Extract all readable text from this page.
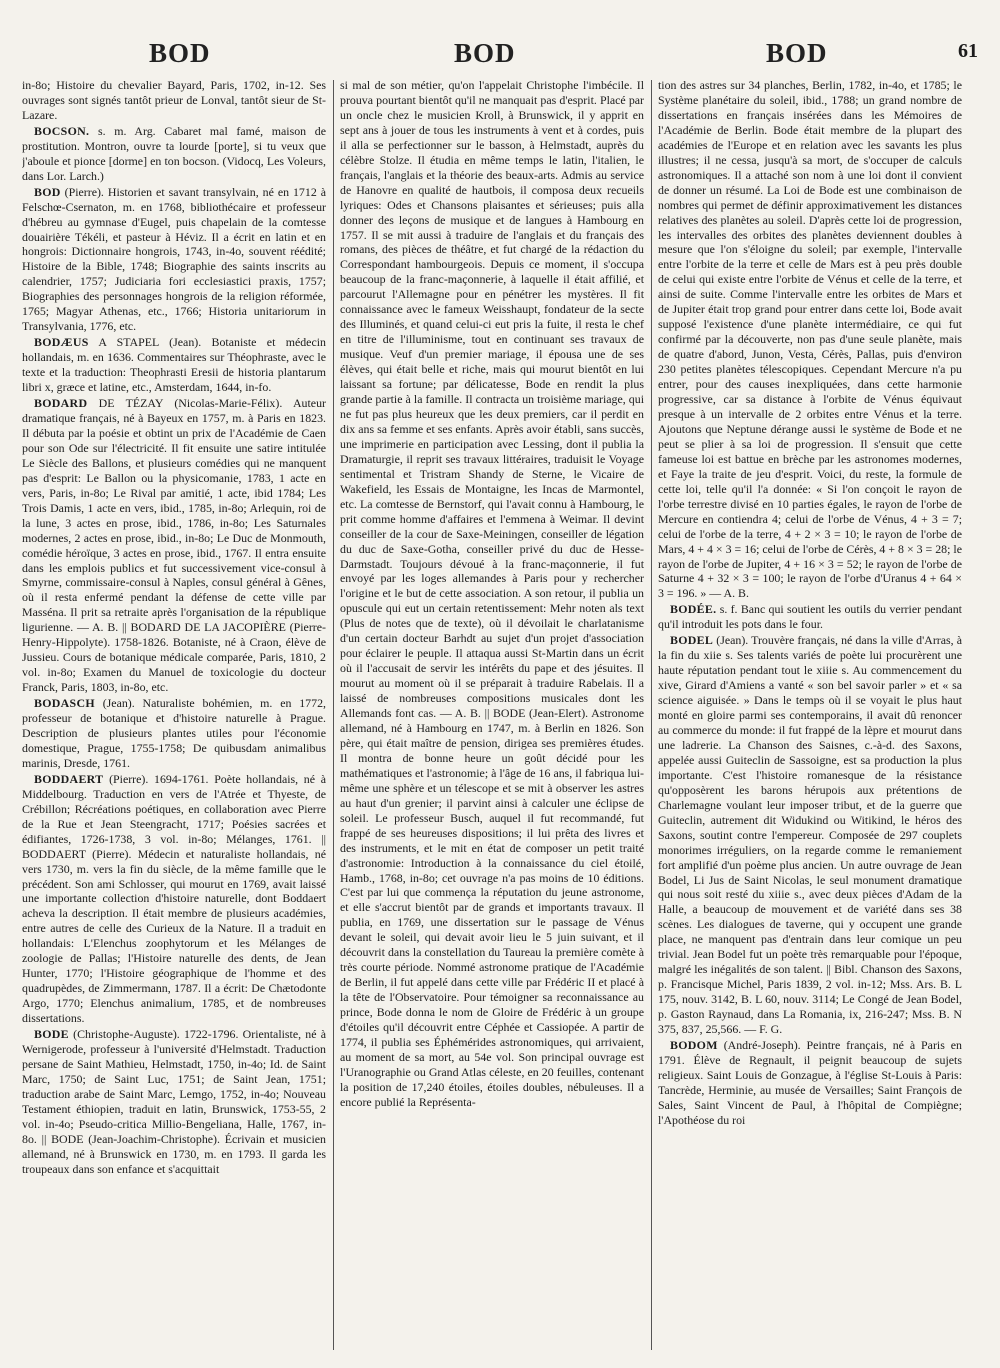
BOD	BOD	BOD	61

in-8o; Histoire du chevalier Bayard, Paris, 1702, in-12. Ses ouvrages sont signés tantôt prieur de Lonval, tantôt sieur de St-Lazare.

BOCSON. s. m. Arg. Cabaret mal famé, maison de prostitution. Montron, ouvre ta lourde [porte], si tu veux que j'aboule et pionce [dorme] en ton bocson. (Vidocq, Les Voleurs, dans Lor. Larch.)

BOD (Pierre). Historien et savant transylvain, né en 1712 à Felschœ-Csernaton, m. en 1768, bibliothécaire et professeur d'hébreu au gymnase d'Eugel, puis chapelain de la comtesse douairière Tékéli, et pasteur à Héviz. Il a écrit en latin et en hongrois: Dictionnaire hongrois, 1743, in-4o, souvent réédité; Histoire de la Bible, 1748; Biographie des saints inscrits au calendrier, 1757; Judiciaria fori ecclesiastici praxis, 1757; Biographies des personnages hongrois de la religion réformée, 1765; Magyar Athenas, etc., 1766; Historia unitariorum in Transylvania, 1776, etc.

BODÆUS A STAPEL (Jean). Botaniste et médecin hollandais, m. en 1636. Commentaires sur Théophraste, avec le texte et la traduction: Theophrasti Eresii de historia plantarum libri x, græce et latine, etc., Amsterdam, 1644, in-fo.

BODARD DE TÉZAY (Nicolas-Marie-Félix). Auteur dramatique français, né à Bayeux en 1757, m. à Paris en 1823. Il débuta par la poésie et obtint un prix de l'Académie de Caen pour son Ode sur l'électricité. Il fit ensuite une satire intitulée Le Siècle des Ballons, et plusieurs comédies qui ne manquent pas d'esprit: Le Ballon ou la physicomanie, 1783, 1 acte en vers, Paris, in-8o; Le Rival par amitié, 1 acte, ibid 1784; Les Trois Damis, 1 acte en vers, ibid., 1785, in-8o; Arlequin, roi de la lune, 3 actes en prose, ibid., 1786, in-8o; Les Saturnales modernes, 2 actes en prose, ibid., in-8o; Le Duc de Monmouth, comédie héroïque, 3 actes en prose, ibid., 1767. Il entra ensuite dans les emplois publics et fut successivement vice-consul à Smyrne, commissaire-consul à Naples, consul général à Gênes, où il resta enfermé pendant la défense de cette ville par Masséna. Il prit sa retraite après l'organisation de la république ligurienne. — A. B. || BODARD DE LA JACOPIÈRE (Pierre-Henry-Hippolyte). 1758-1826. Botaniste, né à Craon, élève de Jussieu. Cours de botanique médicale comparée, Paris, 1810, 2 vol. in-8o; Examen du Manuel de toxicologie du docteur Franck, Paris, 1803, in-8o, etc.

BODASCH (Jean). Naturaliste bohémien, m. en 1772, professeur de botanique et d'histoire naturelle à Prague. Description de plusieurs plantes utiles pour l'économie domestique, Prague, 1755-1758; De quibusdam animalibus marinis, Dresde, 1761.

BODDAERT (Pierre). 1694-1761. Poète hollandais, né à Middelbourg. Traduction en vers de l'Atrée et Thyeste, de Crébillon; Récréations poétiques, en collaboration avec Pierre de la Rue et Jean Steengracht, 1717; Poésies sacrées et édifiantes, 1726-1738, 3 vol. in-8o; Mélanges, 1761. || BODDAERT (Pierre). Médecin et naturaliste hollandais, né vers 1730, m. vers la fin du siècle, de la même famille que le précédent. Son ami Schlosser, qui mourut en 1769, avait laissé une importante collection d'histoire naturelle, dont Boddaert acheva la description. Il était membre de plusieurs académies, entre autres de celle des Curieux de la Nature. Il a traduit en hollandais: L'Elenchus zoophytorum et les Mélanges de zoologie de Pallas; l'Histoire naturelle des dents, de Jean Hunter, 1770; l'Histoire géographique de l'homme et des quadrupèdes, de Zimmermann, 1787. Il a écrit: De Chætodonte Argo, 1770; Elenchus animalium, 1785, et de nombreuses dissertations.

BODE (Christophe-Auguste). 1722-1796. Orientaliste, né à Wernigerode, professeur à l'université d'Helmstadt. Traduction persane de Saint Mathieu, Helmstadt, 1750, in-4o; Id. de Saint Marc, 1750; de Saint Luc, 1751; de Saint Jean, 1751; traduction arabe de Saint Marc, Lemgo, 1752, in-4o; Nouveau Testament éthiopien, traduit en latin, Brunswick, 1753-55, 2 vol. in-4o; Pseudo-critica Millio-Bengeliana, Halle, 1767, in-8o. || BODE (Jean-Joachim-Christophe). Écrivain et musicien allemand, né à Brunswick en 1730, m. en 1793. Il garda les troupeaux dans son enfance et s'acquittait

si mal de son métier, qu'on l'appelait Christophe l'imbécile. Il prouva pourtant bientôt qu'il ne manquait pas d'esprit. Placé par un oncle chez le musicien Kroll, à Brunswick, il y apprit en sept ans à jouer de tous les instruments à vent et à cordes, puis il alla se perfectionner sur le basson, à Helmstadt, auprès du célèbre Stolze. Il étudia en même temps le latin, l'italien, le français, l'anglais et la théorie des beaux-arts. Admis au service de Hanovre en qualité de hautbois, il composa deux recueils lyriques: Odes et Chansons plaisantes et sérieuses; puis alla donner des leçons de musique et de langues à Hambourg en 1757. Il se mit aussi à traduire de l'anglais et du français des romans, des pièces de théâtre, et fut chargé de la rédaction du Correspondant hambourgeois. Depuis ce moment, il s'occupa beaucoup de la franc-maçonnerie, à laquelle il était affilié, et parcourut l'Allemagne pour en pénétrer les mystères. Il fit connaissance avec le fameux Weisshaupt, fondateur de la secte des Illuminés, et quand celui-ci eut pris la fuite, il resta le chef en titre de l'illuminisme, tout en continuant ses travaux de musique. Veuf d'un premier mariage, il épousa une de ses élèves, qui était belle et riche, mais qui mourut bientôt en lui laissant sa fortune; par délicatesse, Bode en rendit la plus grande partie à la famille. Il contracta un troisième mariage, qui ne fut pas plus heureux que les deux premiers, car il perdit en dix ans sa femme et ses enfants. Après avoir établi, sans succès, une imprimerie en participation avec Lessing, dont il publia la Dramaturgie, il reprit ses travaux littéraires, traduisit le Voyage sentimental et Tristram Shandy de Sterne, le Vicaire de Wakefield, les Essais de Montaigne, les Incas de Marmontel, etc. La comtesse de Bernstorf, qui l'avait connu à Hambourg, le prit comme homme d'affaires et l'emmena à Weimar. Il devint conseiller de la cour de Saxe-Meiningen, conseiller de légation du duc de Saxe-Gotha, conseiller privé du duc de Hesse-Darmstadt. Toujours dévoué à la franc-maçonnerie, il fut envoyé par les loges allemandes à Paris pour y rechercher l'origine et le but de cette association. A son retour, il publia un opuscule qui eut un certain retentissement: Mehr noten als text (Plus de notes que de texte), où il dévoilait le charlatanisme d'un certain docteur Barhdt au sujet d'un projet d'association pour éclairer le peuple. Il attaqua aussi St-Martin dans un écrit où il l'accusait de servir les intérêts du pape et des jésuites. Il mourut au moment où il se préparait à traduire Rabelais. Il a laissé de nombreuses compositions musicales dont les Allemands font cas. — A. B. || BODE (Jean-Elert). Astronome allemand, né à Hambourg en 1747, m. à Berlin en 1826. Son père, qui était maître de pension, dirigea ses premières études. Il montra de bonne heure un goût décidé pour les mathématiques et l'astronomie; à l'âge de 16 ans, il fabriqua lui-même une sphère et un télescope et se mit à observer les astres au haut d'un grenier; il parvint ainsi à calculer une éclipse de soleil. Le professeur Busch, auquel il fut recommandé, fut frappé de ses heureuses dispositions; il lui prêta des livres et des instruments, et le mit en état de composer un petit traité d'astronomie: Introduction à la connaissance du ciel étoilé, Hamb., 1768, in-8o; cet ouvrage n'a pas moins de 10 éditions. C'est par lui que commença la réputation du jeune astronome, et elle s'accrut bientôt par de grands et importants travaux. Il publia, en 1769, une dissertation sur le passage de Vénus devant le soleil, qui devait avoir lieu le 5 juin suivant, et il découvrit dans la constellation du Taureau la première comète à très courte période. Nommé astronome pratique de l'Académie de Berlin, il fut appelé dans cette ville par Frédéric II et placé à la tête de l'Observatoire. Pour témoigner sa reconnaissance au prince, Bode donna le nom de Gloire de Frédéric à un groupe d'étoiles qu'il découvrit entre Céphée et Cassiopée. A partir de 1774, il publia ses Éphémérides astronomiques, qui arrivaient, au moment de sa mort, au 54e vol. Son principal ouvrage est l'Uranographie ou Grand Atlas céleste, en 20 feuilles, contenant la position de 17,240 étoiles, étoiles doubles, nébuleuses. Il a encore publié la Représenta-

tion des astres sur 34 planches, Berlin, 1782, in-4o, et 1785; le Système planétaire du soleil, ibid., 1788; un grand nombre de dissertations en français insérées dans les Mémoires de l'Académie de Berlin. Bode était membre de la plupart des académies de l'Europe et en relation avec les savants les plus illustres; il ne cessa, jusqu'à sa mort, de s'occuper de calculs astronomiques. Il a attaché son nom à une loi dont il convient de donner un résumé. La Loi de Bode est une combinaison de nombres qui permet de définir approximativement les distances relatives des planètes au soleil. D'après cette loi de progression, les intervalles des orbites des planètes deviennent doubles à mesure que l'on s'éloigne du soleil; par exemple, l'intervalle entre l'orbite de la terre et celle de Mars est à peu près double de celui qui existe entre l'orbite de Vénus et celle de la terre, et ainsi de suite. Comme l'intervalle entre les orbites de Mars et de Jupiter était trop grand pour entrer dans cette loi, Bode avait supposé l'existence d'une planète intermédiaire, ce qui fut confirmé par la découverte, non pas d'une seule planète, mais de quatre d'abord, Junon, Vesta, Cérès, Pallas, puis d'environ 230 petites planètes télescopiques. Cependant Mercure n'a pu entrer, pour des causes inexpliquées, dans cette harmonie progressive, car sa distance à l'orbite de Vénus équivaut presque à un intervalle de 2 orbites entre Vénus et la terre. Ajoutons que Neptune dérange aussi le système de Bode et ne peut se plier à sa loi de progression. Il s'ensuit que cette fameuse loi est battue en brèche par les astronomes modernes, et Faye la traite de jeu d'esprit. Voici, du reste, la formule de cette loi, telle qu'il l'a donnée: « Si l'on conçoit le rayon de l'orbe terrestre divisé en 10 parties égales, le rayon de l'orbe de Mercure en contiendra 4; celui de l'orbe de Vénus, 4 + 3 = 7; celui de l'orbe de la terre, 4 + 2 × 3 = 10; le rayon de l'orbe de Mars, 4 + 4 × 3 = 16; celui de l'orbe de Cérès, 4 + 8 × 3 = 28; le rayon de l'orbe de Jupiter, 4 + 16 × 3 = 52; le rayon de l'orbe de Saturne 4 + 32 × 3 = 100; le rayon de l'orbe d'Uranus 4 + 64 × 3 = 196. » — A. B.

BODÉE. s. f. Banc qui soutient les outils du verrier pendant qu'il introduit les pots dans le four.

BODEL (Jean). Trouvère français, né dans la ville d'Arras, à la fin du xiie s. Ses talents variés de poète lui procurèrent une haute réputation pendant tout le xiiie s. Au commencement du xive, Girard d'Amiens a vanté « son bel savoir parler » et « sa science aiguisée. » Dans le temps où il se voyait le plus haut monté en gloire parmi ses contemporains, il avait dû renoncer au commerce du monde: il fut frappé de la lèpre et mourut dans une ladrerie. La Chanson des Saisnes, c.-à-d. des Saxons, appelée aussi Guiteclin de Sassoigne, est sa production la plus importante. C'est l'histoire romanesque de la résistance qu'opposèrent les barons hérupois aux prétentions de Charlemagne voulant leur imposer tribut, et de la guerre que Guiteclin, autrement dit Widukind ou Witikind, le héros des Saxons, soutint contre l'empereur. Composée de 297 couplets monorimes irréguliers, on la regarde comme le remaniement fort amplifié d'un poème plus ancien. Un autre ouvrage de Jean Bodel, Li Jus de Saint Nicolas, le seul monument dramatique qui nous soit resté du xiiie s., avec deux pièces d'Adam de la Halle, a beaucoup de mouvement et de variété dans ses 38 scènes. Les dialogues de taverne, qui y occupent une grande place, ne manquent pas d'entrain dans leur comique un peu trivial. Jean Bodel fut un poète très remarquable pour l'époque, malgré les inégalités de son talent. || Bibl. Chanson des Saxons, p. Francisque Michel, Paris 1839, 2 vol. in-12; Mss. Ars. B. L 175, nouv. 3142, B. L 60, nouv. 3114; Le Congé de Jean Bodel, p. Gaston Raynaud, dans La Romania, ix, 216-247; Mss. B. N 375, 837, 25,566. — F. G.

BODOM (André-Joseph). Peintre français, né à Paris en 1791. Élève de Regnault, il peignit beaucoup de sujets religieux. Saint Louis de Gonzague, à l'église St-Louis à Paris: Tancrède, Herminie, au musée de Versailles; Saint François de Sales, Saint Vincent de Paul, à l'hôpital de Compiègne; l'Apothéose du roi
